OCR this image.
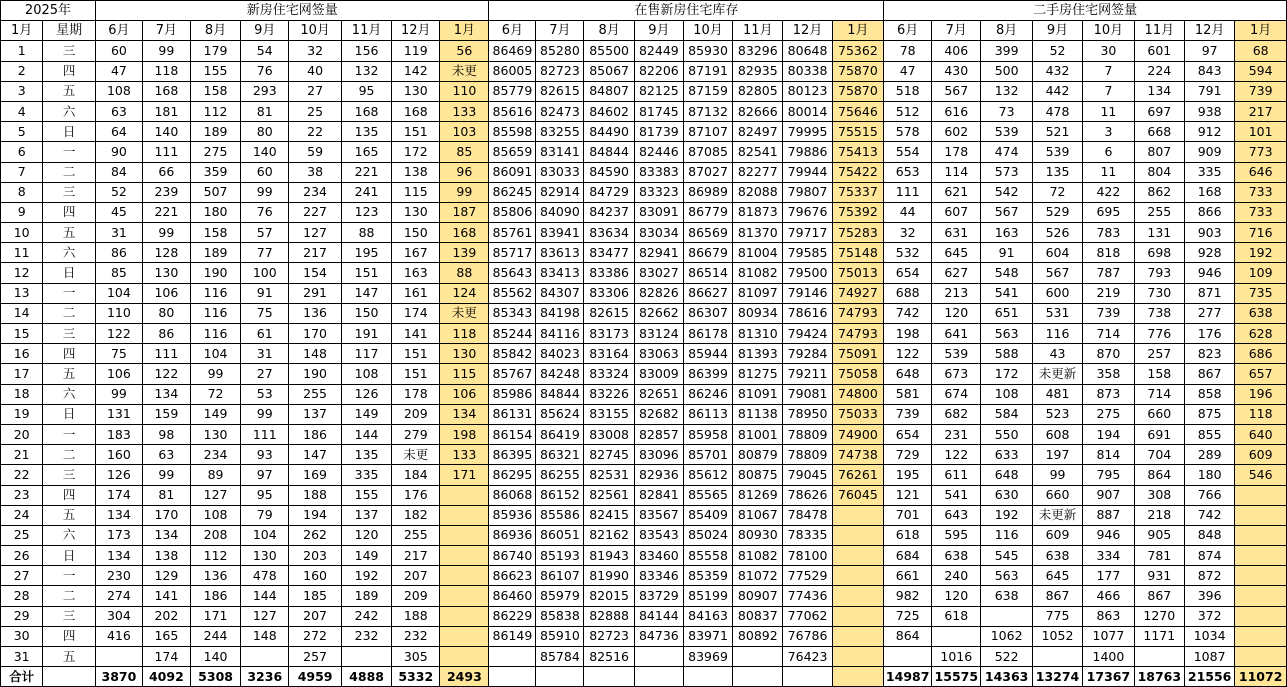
2025年		新房住宅网签量								在售新房住宅库存								二手房住宅网签量							
1月	星期	6月	7月	8月	9月	10月	11月	12月	1月	6月	7月	8月	9月	10月	11月	12月	1月	6月	7月	8月	9月	10月	11月	12月	1月
1	三	60	99	179	54	32	156	119	56	86469	85280	85500	82449	85930	83296	80648	75362	78	406	399	52	30	601	97	68
2	四	47	118	155	76	40	132	142	未更	86005	82723	85067	82206	87191	82935	80338	75870	47	430	500	432	7	224	843	594
3	五	108	168	158	293	27	95	130	110	85779	82615	84807	82125	87159	82805	80123	75870	518	567	132	442	7	134	791	739
4	六	63	181	112	81	25	168	168	133	85616	82473	84602	81745	87132	82666	80014	75646	512	616	73	478	11	697	938	217
5	日	64	140	189	80	22	135	151	103	85598	83255	84490	81739	87107	82497	79995	75515	578	602	539	521	3	668	912	101
6	一	90	111	275	140	59	165	172	85	85659	83141	84844	82446	87085	82541	79886	75413	554	178	474	539	6	807	909	773
7	二	84	66	359	60	38	221	138	96	86091	83033	84590	83383	87027	82277	79944	75422	653	114	573	135	11	804	335	646
8	三	52	239	507	99	234	241	115	99	86245	82914	84729	83323	86989	82088	79807	75337	111	621	542	72	422	862	168	733
9	四	45	221	180	76	227	123	130	187	85806	84090	84237	83091	86779	81873	79676	75392	44	607	567	529	695	255	866	733
10	五	31	99	158	57	127	88	150	168	85761	83941	83634	83034	86569	81370	79717	75283	32	631	163	526	783	131	903	716
11	六	86	128	189	77	217	195	167	139	85717	83613	83477	82941	86679	81004	79585	75148	532	645	91	604	818	698	928	192
12	日	85	130	190	100	154	151	163	88	85643	83413	83386	83027	86514	81082	79500	75013	654	627	548	567	787	793	946	109
13	一	104	106	116	91	291	147	161	124	85562	84307	83306	82826	86627	81097	79146	74927	688	213	541	600	219	730	871	735
14	二	110	80	116	75	136	150	174	未更	85343	84198	82615	82662	86307	80934	78616	74793	742	120	651	531	739	738	277	638
15	三	122	86	116	61	170	191	141	118	85244	84116	83173	83124	86178	81310	79424	74793	198	641	563	116	714	776	176	628
16	四	75	111	104	31	148	117	151	130	85842	84023	83164	83063	85944	81393	79284	75091	122	539	588	43	870	257	823	686
17	五	106	122	99	27	190	108	151	115	85767	84248	83324	83009	86399	81275	79211	75058	648	673	172	未更新	358	158	867	657
18	六	99	134	72	53	255	126	178	106	85986	84844	83226	82651	86246	81091	79081	74800	581	674	108	481	873	714	858	196
19	日	131	159	149	99	137	149	209	134	86131	85624	83155	82682	86113	81138	78950	75033	739	682	584	523	275	660	875	118
20	一	183	98	130	111	186	144	279	198	86154	86419	83008	82857	85958	81001	78809	74900	654	231	550	608	194	691	855	640
21	二	160	63	234	93	147	135	未更	133	86395	86321	82745	83096	85701	80879	78809	74738	729	122	633	197	814	704	289	609
22	三	126	99	89	97	169	335	184	171	86295	86255	82531	82936	85612	80875	79045	76261	195	611	648	99	795	864	180	546
23	四	174	81	127	95	188	155	176		86068	86152	82561	82841	85565	81269	78626	76045	121	541	630	660	907	308	766	
24	五	134	170	108	79	194	137	182		85936	85586	82415	83567	85409	81067	78478		701	643	192	未更新	887	218	742	
25	六	173	134	208	104	262	120	255		86936	86051	82162	83543	85024	80930	78335		618	595	116	609	946	905	848	
26	日	134	138	112	130	203	149	217		86740	85193	81943	83460	85558	81082	78100		684	638	545	638	334	781	874	
27	一	230	129	136	478	160	192	207		86623	86107	81990	83346	85359	81072	77529		661	240	563	645	177	931	872	
28	二	274	141	186	144	185	189	209		86460	85979	82015	83729	85199	80907	77436		982	120	638	867	466	867	396	
29	三	304	202	171	127	207	242	188		86229	85838	82888	84144	84163	80837	77062		725	618		775	863	1270	372	
30	四	416	165	244	148	272	232	232		86149	85910	82723	84736	83971	80892	76786		864		1062	1052	1077	1171	1034	
31	五		174	140		257		305			85784	82516		83969		76423			1016	522		1400		1087	
合计		3870	4092	5308	3236	4959	4888	5332	2493									14987	15575	14363	13274	17367	18763	21556	11072
